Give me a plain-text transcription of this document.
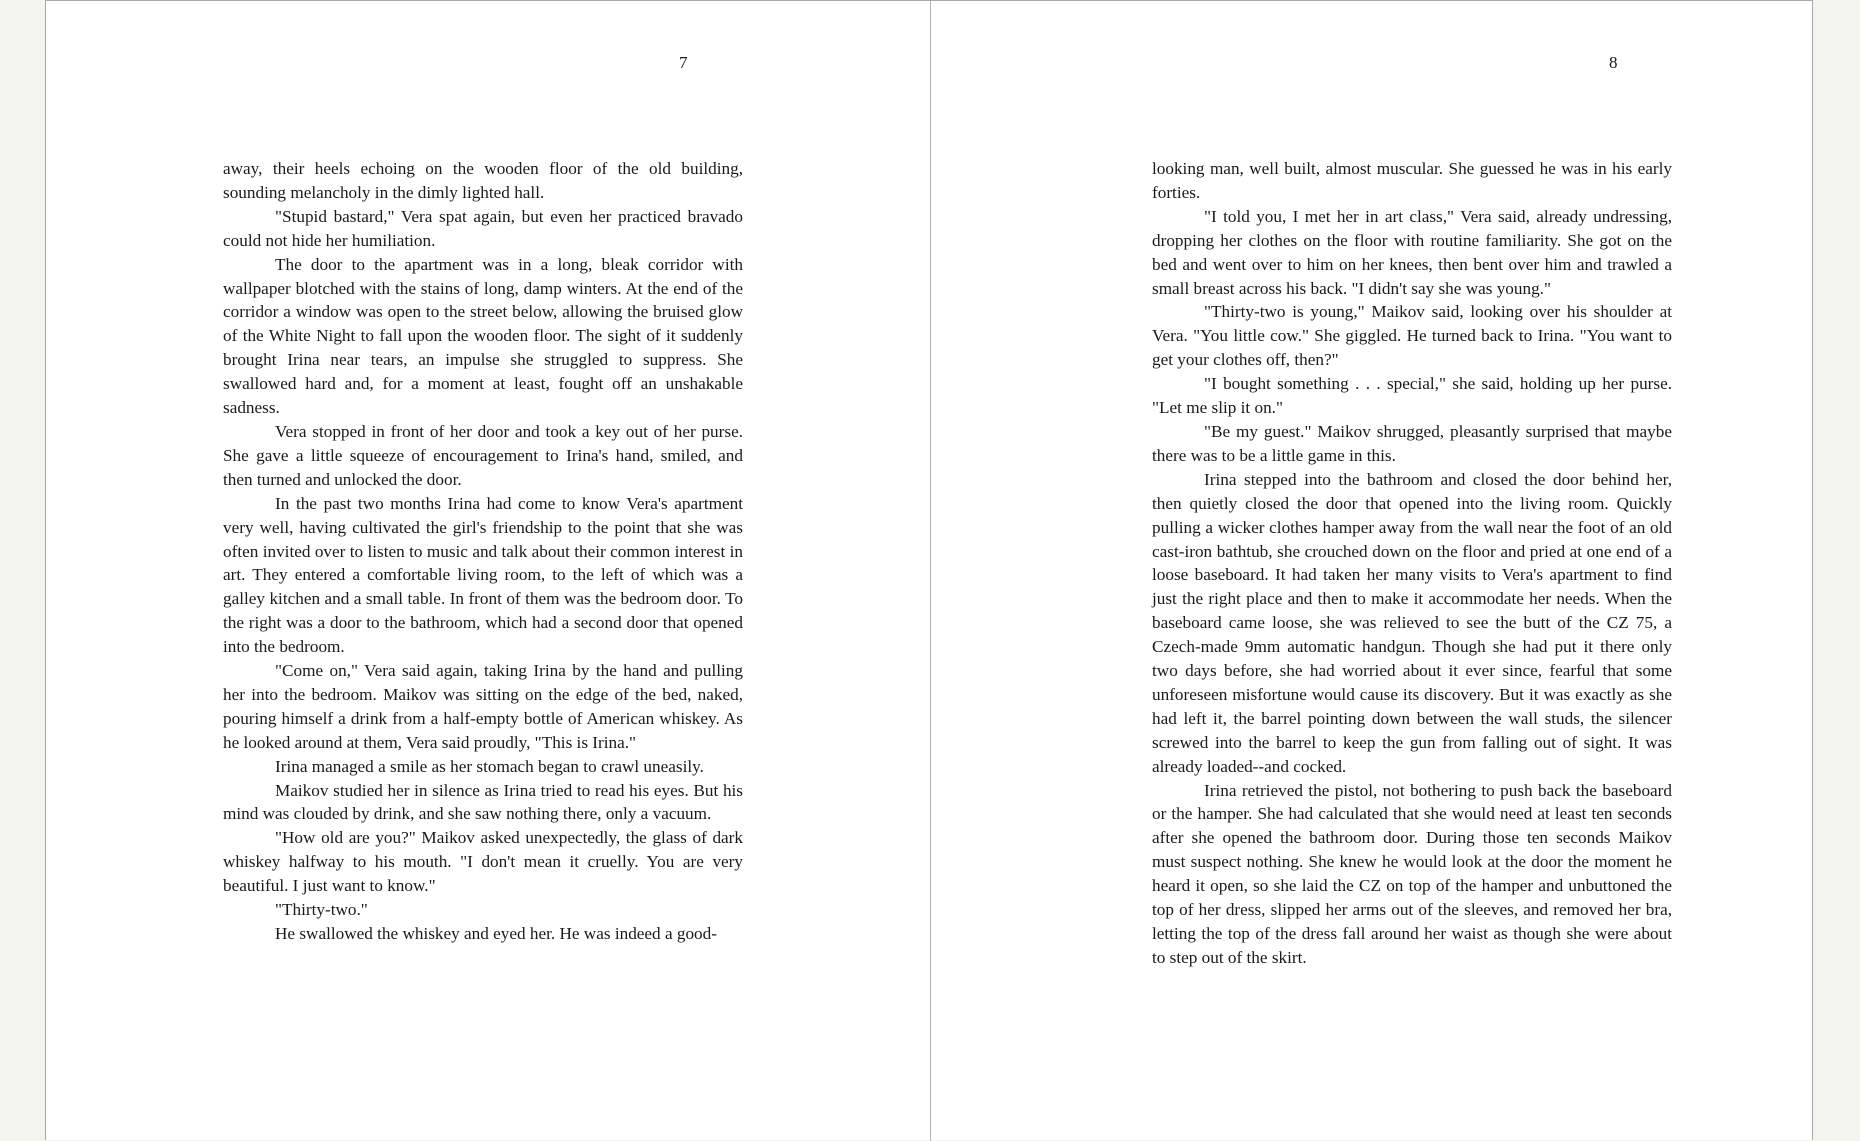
7

away, their heels echoing on the wooden floor of the old building, sounding melancholy in the dimly lighted hall.

"Stupid bastard," Vera spat again, but even her practiced bravado could not hide her humiliation.

The door to the apartment was in a long, bleak corridor with wallpaper blotched with the stains of long, damp winters. At the end of the corridor a window was open to the street below, allowing the bruised glow of the White Night to fall upon the wooden floor. The sight of it suddenly brought Irina near tears, an impulse she struggled to suppress. She swallowed hard and, for a moment at least, fought off an unshakable sadness.

Vera stopped in front of her door and took a key out of her purse. She gave a little squeeze of encouragement to Irina's hand, smiled, and then turned and unlocked the door.

In the past two months Irina had come to know Vera's apartment very well, having cultivated the girl's friendship to the point that she was often invited over to listen to music and talk about their common interest in art. They entered a comfortable living room, to the left of which was a galley kitchen and a small table. In front of them was the bedroom door. To the right was a door to the bathroom, which had a second door that opened into the bedroom.

"Come on," Vera said again, taking Irina by the hand and pulling her into the bedroom. Maikov was sitting on the edge of the bed, naked, pouring himself a drink from a half-empty bottle of American whiskey. As he looked around at them, Vera said proudly, "This is Irina."

Irina managed a smile as her stomach began to crawl uneasily.

Maikov studied her in silence as Irina tried to read his eyes. But his mind was clouded by drink, and she saw nothing there, only a vacuum.

"How old are you?" Maikov asked unexpectedly, the glass of dark whiskey halfway to his mouth. "I don't mean it cruelly. You are very beautiful. I just want to know."

"Thirty-two."

He swallowed the whiskey and eyed her. He was indeed a good-

8

looking man, well built, almost muscular. She guessed he was in his early forties.

"I told you, I met her in art class," Vera said, already undressing, dropping her clothes on the floor with routine familiarity. She got on the bed and went over to him on her knees, then bent over him and trawled a small breast across his back. "I didn't say she was young."

"Thirty-two is young," Maikov said, looking over his shoulder at Vera. "You little cow." She giggled. He turned back to Irina. "You want to get your clothes off, then?"

"I bought something . . . special," she said, holding up her purse. "Let me slip it on."

"Be my guest." Maikov shrugged, pleasantly surprised that maybe there was to be a little game in this.

Irina stepped into the bathroom and closed the door behind her, then quietly closed the door that opened into the living room. Quickly pulling a wicker clothes hamper away from the wall near the foot of an old cast-iron bathtub, she crouched down on the floor and pried at one end of a loose baseboard. It had taken her many visits to Vera's apartment to find just the right place and then to make it accommodate her needs. When the baseboard came loose, she was relieved to see the butt of the CZ 75, a Czech-made 9mm automatic handgun. Though she had put it there only two days before, she had worried about it ever since, fearful that some unforeseen misfortune would cause its discovery. But it was exactly as she had left it, the barrel pointing down between the wall studs, the silencer screwed into the barrel to keep the gun from falling out of sight. It was already loaded--and cocked.

Irina retrieved the pistol, not bothering to push back the baseboard or the hamper. She had calculated that she would need at least ten seconds after she opened the bathroom door. During those ten seconds Maikov must suspect nothing. She knew he would look at the door the moment he heard it open, so she laid the CZ on top of the hamper and unbuttoned the top of her dress, slipped her arms out of the sleeves, and removed her bra, letting the top of the dress fall around her waist as though she were about to step out of the skirt.
